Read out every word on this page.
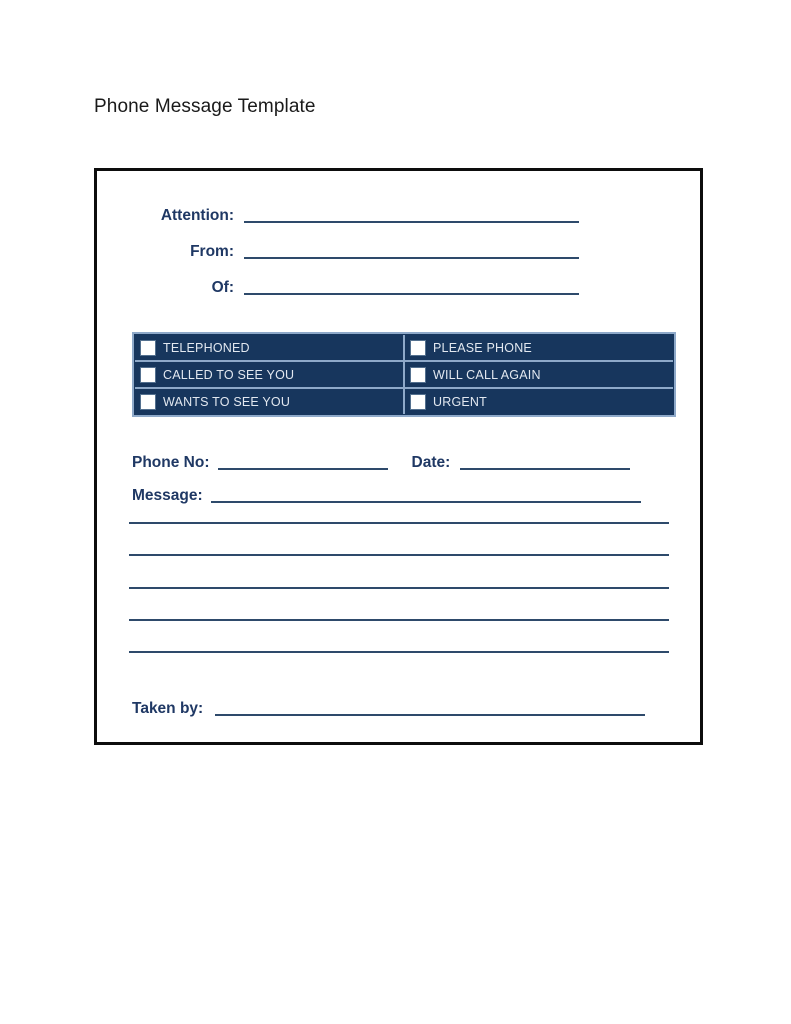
Phone Message Template
Attention:
From:
Of:
TELEPHONED	PLEASE PHONE
CALLED TO SEE YOU	WILL CALL AGAIN
WANTS TO SEE YOU	URGENT
Phone No:	Date:
Message:
Taken by:
